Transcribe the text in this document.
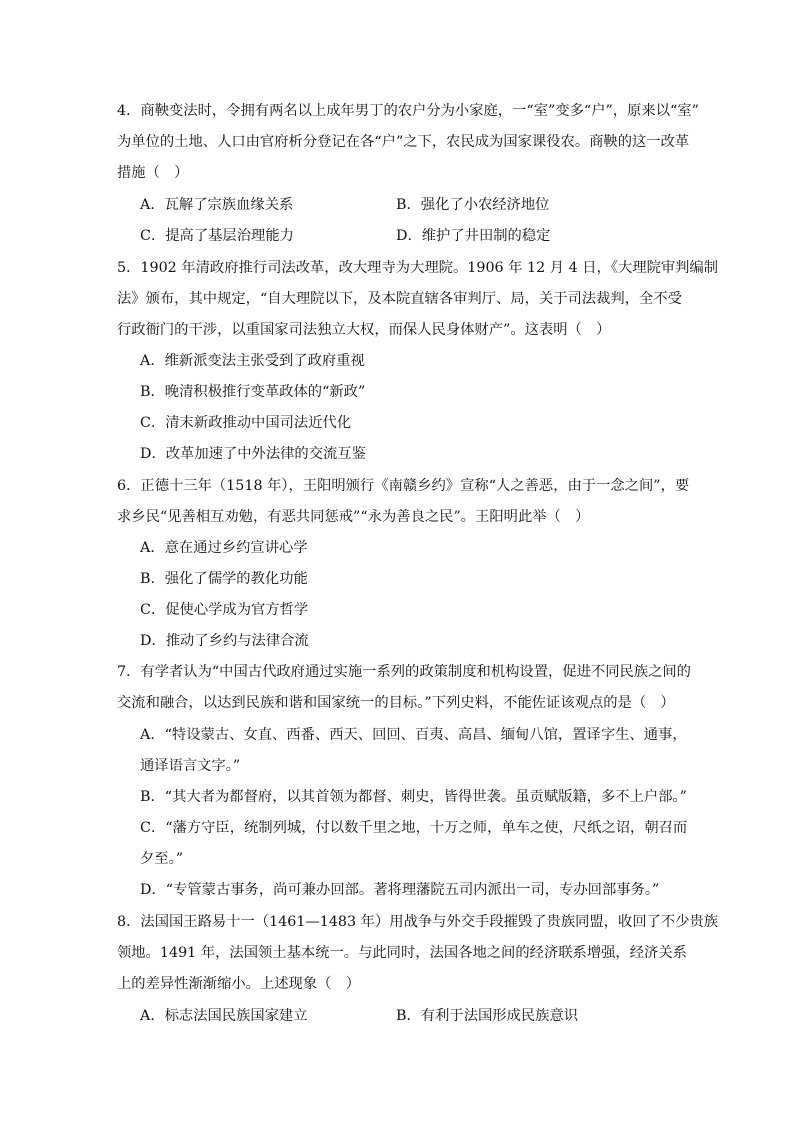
4．商鞅变法时，令拥有两名以上成年男丁的农户分为小家庭，一“室”变多“户”，原来以“室”
为单位的土地、人口由官府析分登记在各“户”之下，农民成为国家课役农。商鞅的这一改革
措施（　）
A．瓦解了宗族血缘关系	B．强化了小农经济地位
C．提高了基层治理能力	D．维护了井田制的稳定
5．1902 年清政府推行司法改革，改大理寺为大理院。1906 年 12 月 4 日，《大理院审判编制
法》颁布，其中规定，“自大理院以下，及本院直辖各审判厅、局，关于司法裁判，全不受
行政衙门的干涉，以重国家司法独立大权，而保人民身体财产”。这表明（　）
A．维新派变法主张受到了政府重视
B．晚清积极推行变革政体的“新政”
C．清末新政推动中国司法近代化
D．改革加速了中外法律的交流互鉴
6．正德十三年（1518 年），王阳明颁行《南赣乡约》宣称“人之善恶，由于一念之间”，要
求乡民“见善相互劝勉，有恶共同惩戒”“永为善良之民”。王阳明此举（　）
A．意在通过乡约宣讲心学
B．强化了儒学的教化功能
C．促使心学成为官方哲学
D．推动了乡约与法律合流
7．有学者认为“中国古代政府通过实施一系列的政策制度和机构设置，促进不同民族之间的
交流和融合，以达到民族和谐和国家统一的目标。”下列史料，不能佐证该观点的是（　）
A．“特设蒙古、女直、西番、西天、回回、百夷、高昌、缅甸八馆，置译字生、通事，
通译语言文字。”
B．“其大者为都督府，以其首领为都督、刺史，皆得世袭。虽贡赋版籍，多不上户部。”
C．“藩方守臣，统制列城，付以数千里之地，十万之师，单车之使，尺纸之诏，朝召而
夕至。”
D．“专管蒙古事务，尚可兼办回部。著将理藩院五司内派出一司，专办回部事务。”
8．法国国王路易十一（1461—1483 年）用战争与外交手段摧毁了贵族同盟，收回了不少贵族
领地。1491 年，法国领土基本统一。与此同时，法国各地之间的经济联系增强，经济关系
上的差异性渐渐缩小。上述现象（　）
A．标志法国民族国家建立	B．有利于法国形成民族意识
